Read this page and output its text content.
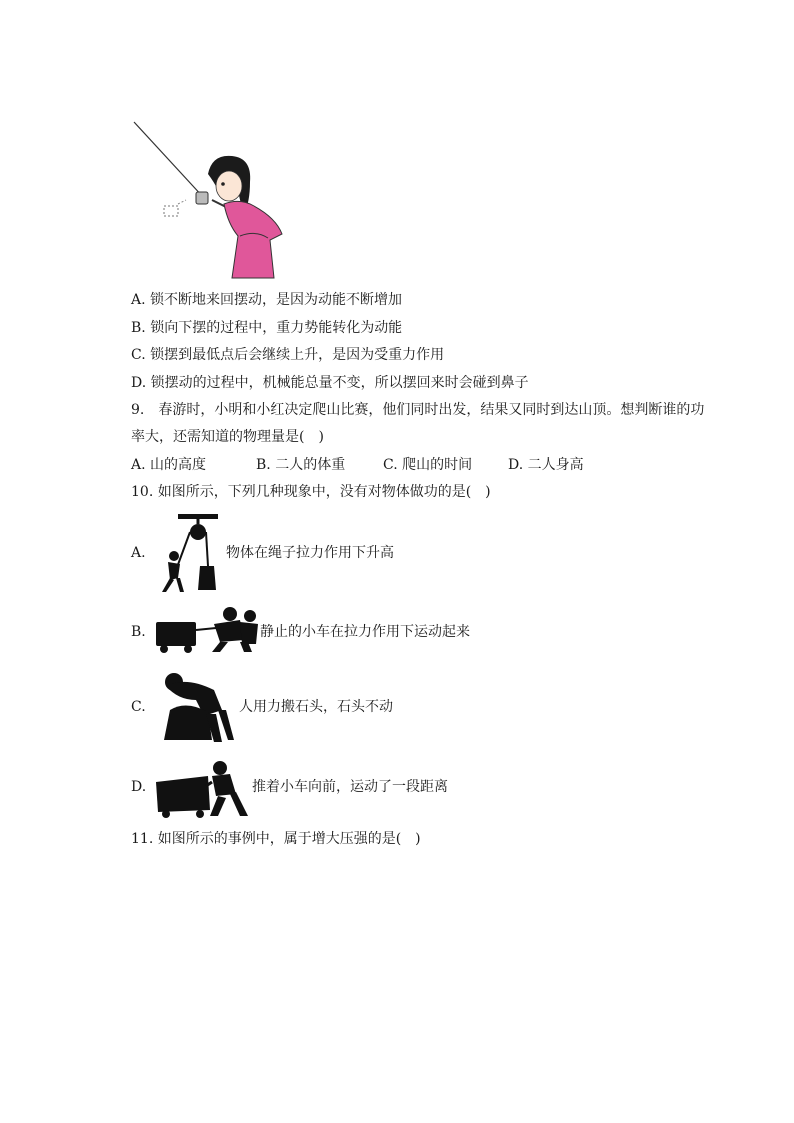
A. 锁不断地来回摆动，是因为动能不断增加
B. 锁向下摆的过程中，重力势能转化为动能
C. 锁摆到最低点后会继续上升，是因为受重力作用
D. 锁摆动的过程中，机械能总量不变，所以摆回来时会碰到鼻子
9.　春游时，小明和小红决定爬山比赛，他们同时出发，结果又同时到达山顶。想判断谁的功
率大，还需知道的物理量是(　)
A. 山的高度	B. 二人的体重	C. 爬山的时间	D. 二人身高
10. 如图所示，下列几种现象中，没有对物体做功的是(　)
A.	物体在绳子拉力作用下升高
B.	静止的小车在拉力作用下运动起来
C.	人用力搬石头，石头不动
D.	推着小车向前，运动了一段距离
11. 如图所示的事例中，属于增大压强的是(　)
